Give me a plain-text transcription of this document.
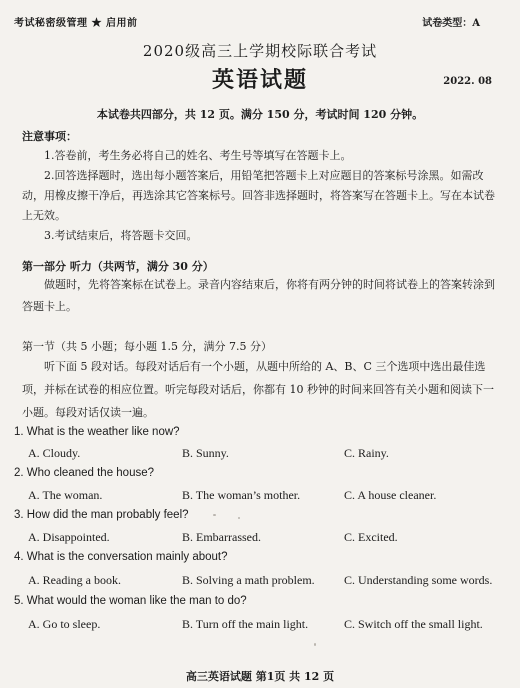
考试秘密级管理 ★ 启用前	试卷类型：A
2020级高三上学期校际联合考试
英语试题	2022. 08
本试卷共四部分，共 12 页。满分 150 分，考试时间 120 分钟。
注意事项：
1.答卷前，考生务必将自己的姓名、考生号等填写在答题卡上。
2.回答选择题时，选出每小题答案后，用铅笔把答题卡上对应题目的答案标号涂黑。如需改动，用橡皮擦干净后，再选涂其它答案标号。回答非选择题时，将答案写在答题卡上。写在本试卷上无效。
3.考试结束后，将答题卡交回。
第一部分 听力（共两节，满分 30 分）
做题时，先将答案标在试卷上。录音内容结束后，你将有两分钟的时间将试卷上的答案转涂到答题卡上。
第一节（共 5 小题；每小题 1.5 分，满分 7.5 分）
听下面 5 段对话。每段对话后有一个小题，从题中所给的 A、B、C 三个选项中选出最佳选项，并标在试卷的相应位置。听完每段对话后，你都有 10 秒钟的时间来回答有关小题和阅读下一小题。每段对话仅读一遍。
1. What is the weather like now?
A. Cloudy.	B. Sunny.	C. Rainy.
2. Who cleaned the house?
A. The woman.	B. The woman’s mother.	C. A house cleaner.
3. How did the man probably feel?
A. Disappointed.	B. Embarrassed.	C. Excited.
4. What is the conversation mainly about?
A. Reading a book.	B. Solving a math problem. C. Understanding some words.
5. What would the woman like the man to do?
A. Go to sleep.	B. Turn off the main light.	C. Switch off the small light.
高三英语试题 第1页 共 12 页
